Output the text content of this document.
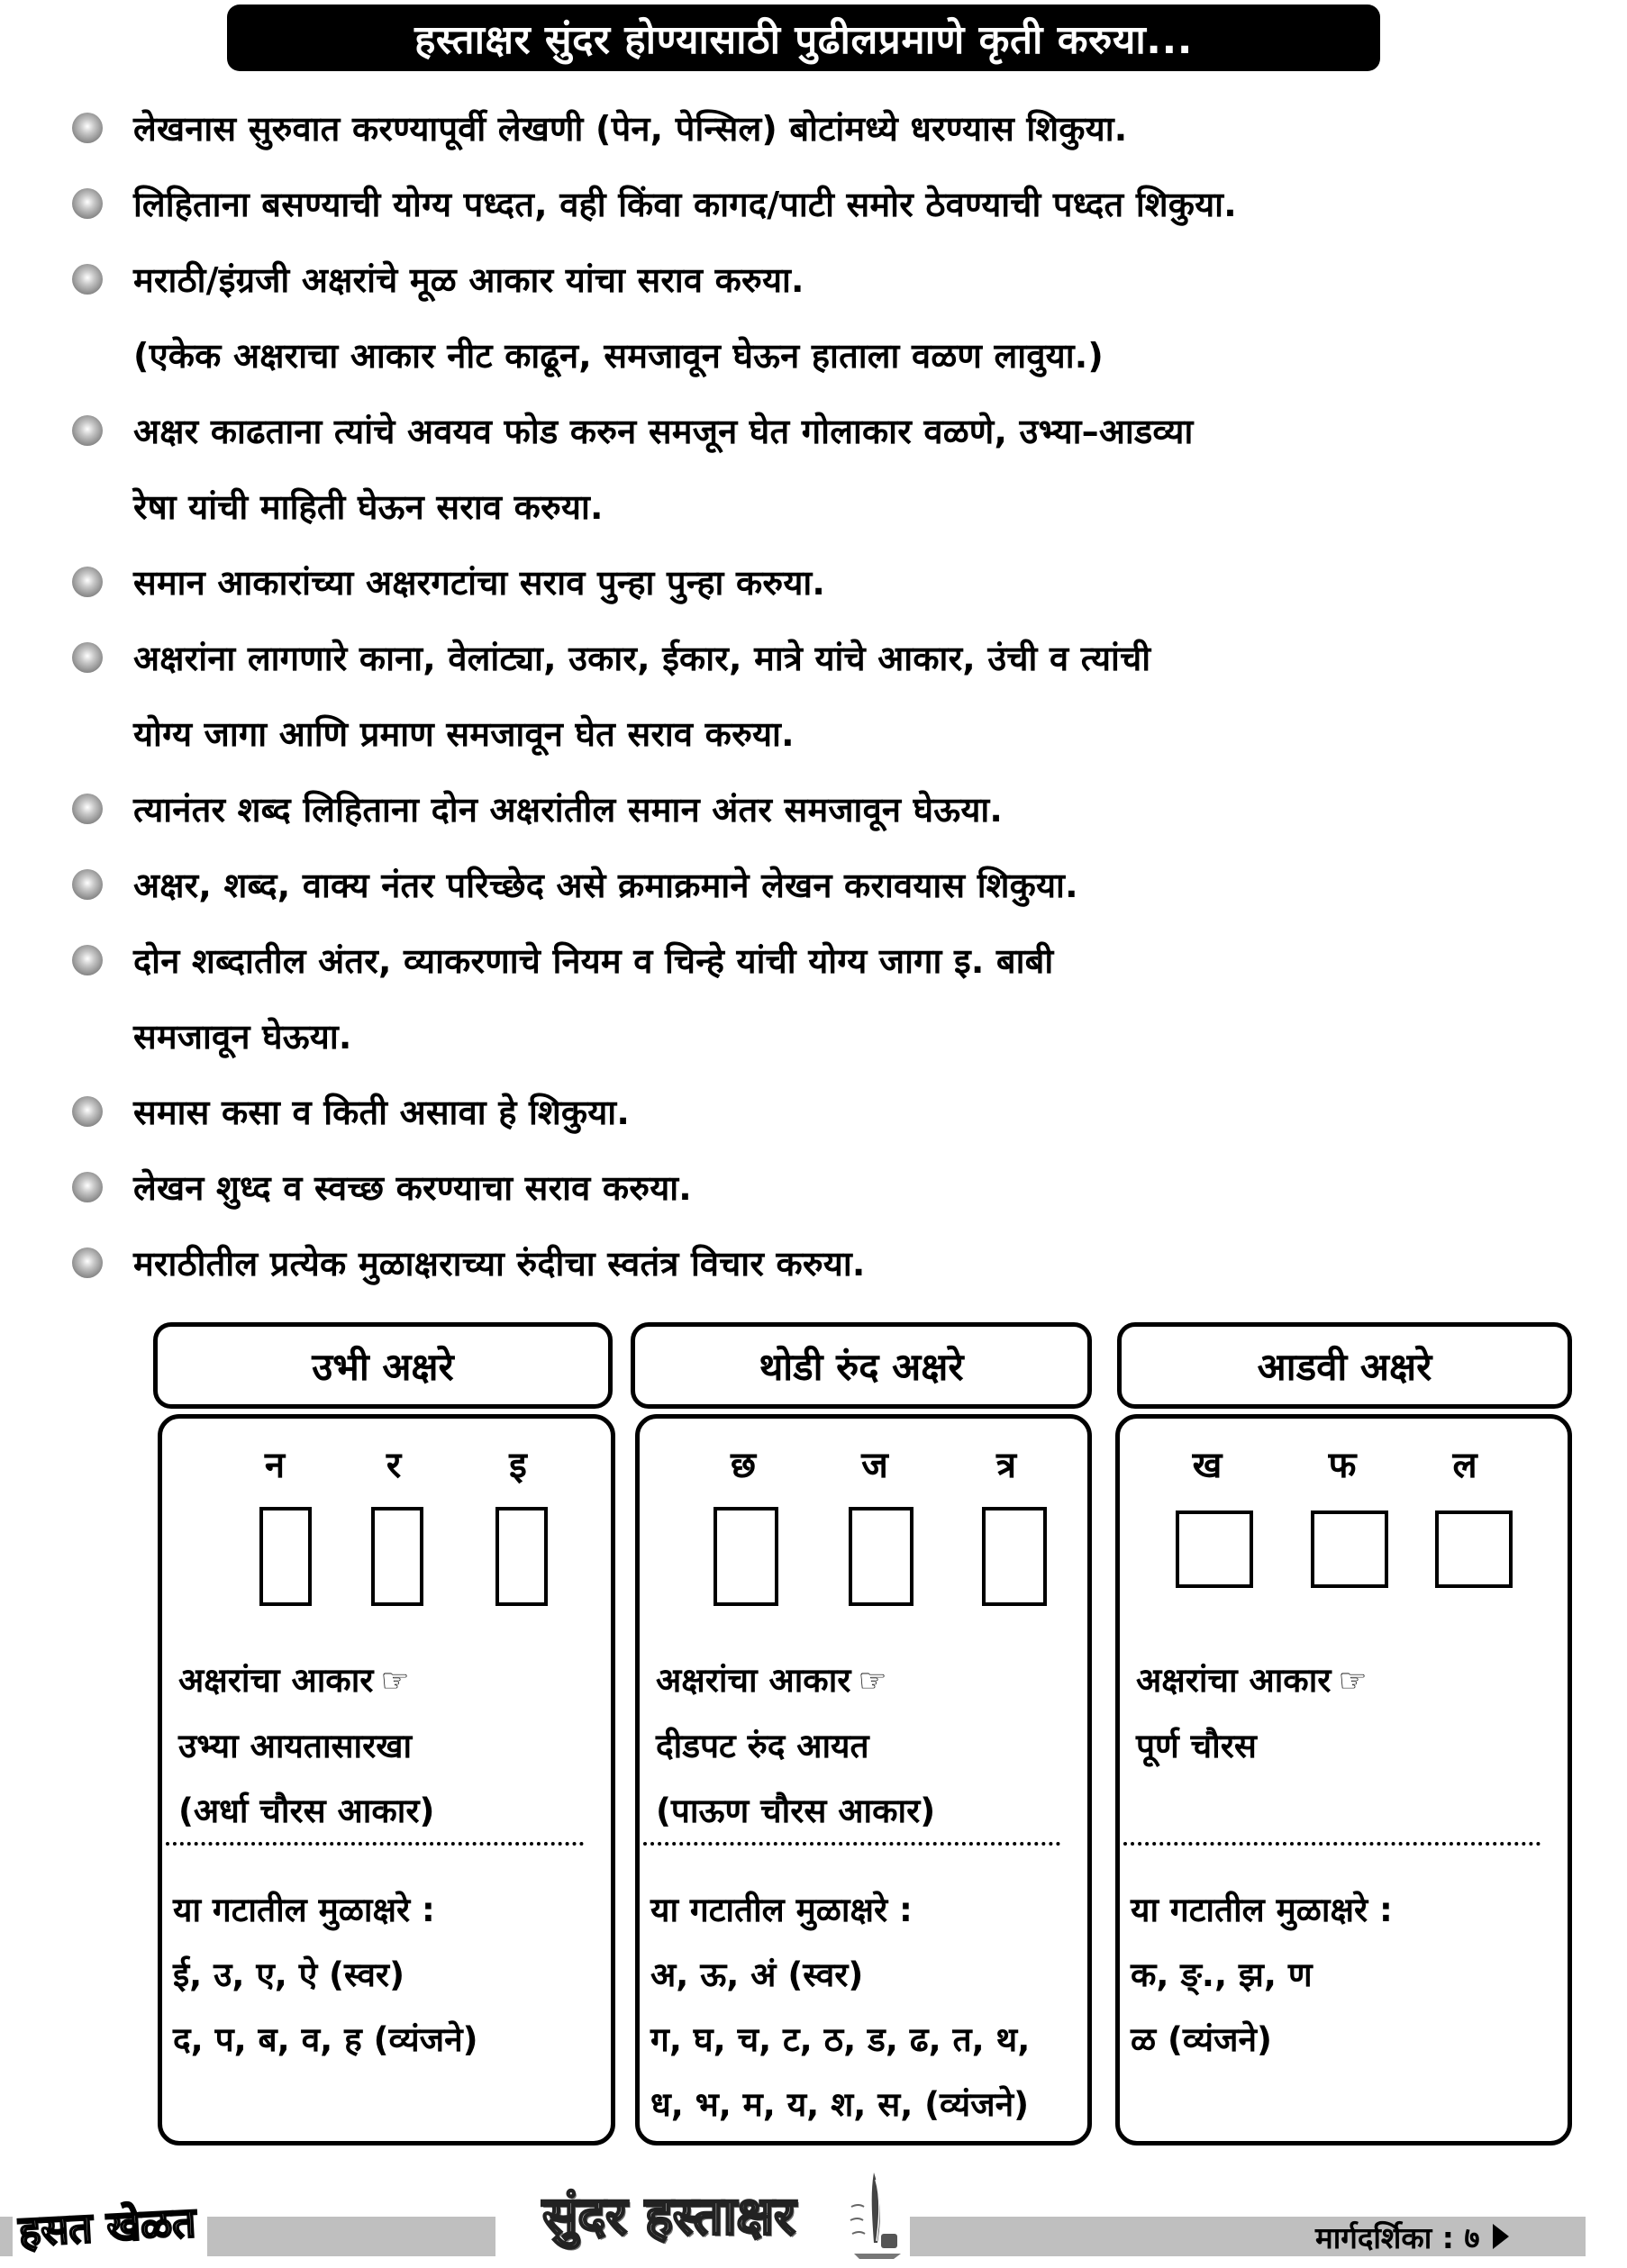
हस्ताक्षर सुंदर होण्यासाठी पुढीलप्रमाणे कृती करुया...
लेखनास सुरुवात करण्यापूर्वी लेखणी (पेन, पेन्सिल) बोटांमध्ये धरण्यास शिकुया.
लिहिताना बसण्याची योग्य पध्दत, वही किंवा कागद/पाटी समोर ठेवण्याची पध्दत शिकुया.
मराठी/इंग्रजी अक्षरांचे मूळ आकार यांचा सराव करुया.
(एकेक अक्षराचा आकार नीट काढून, समजावून घेऊन हाताला वळण लावुया.)
अक्षर काढताना त्यांचे अवयव फोड करुन समजून घेत गोलाकार वळणे, उभ्या–आडव्या
रेषा यांची माहिती घेऊन सराव करुया.
समान आकारांच्या अक्षरगटांचा सराव पुन्हा पुन्हा करुया.
अक्षरांना लागणारे काना, वेलांट्या, उकार, ईकार, मात्रे यांचे आकार, उंची व त्यांची
योग्य जागा आणि प्रमाण समजावून घेत सराव करुया.
त्यानंतर शब्द लिहिताना दोन अक्षरांतील समान अंतर समजावून घेऊया.
अक्षर, शब्द, वाक्य नंतर परिच्छेद असे क्रमाक्रमाने लेखन करावयास शिकुया.
दोन शब्दातील अंतर, व्याकरणाचे नियम व चिन्हे यांची योग्य जागा इ. बाबी
समजावून घेऊया.
समास कसा व किती असावा हे शिकुया.
लेखन शुध्द व स्वच्छ करण्याचा सराव करुया.
मराठीतील प्रत्येक मुळाक्षराच्या रुंदीचा स्वतंत्र विचार करुया.
उभी अक्षरे
न	र	इ
अक्षरांचा आकार ☞
उभ्या आयतासारखा
(अर्धा चौरस आकार)
या गटातील मुळाक्षरे :
ई, उ, ए, ऐ (स्वर)
द, प, ब, व, ह (व्यंजने)
थोडी रुंद अक्षरे
छ	ज	त्र
अक्षरांचा आकार ☞
दीडपट रुंद आयत
(पाऊण चौरस आकार)
या गटातील मुळाक्षरे :
अ, ऊ, अं (स्वर)
ग, घ, च, ट, ठ, ड, ढ, त, थ,
ध, भ, म, य, श, स, (व्यंजने)
आडवी अक्षरे
ख	फ	ल
अक्षरांचा आकार ☞
पूर्ण चौरस
या गटातील मुळाक्षरे :
क, ङ्., झ, ण
ळ (व्यंजने)
हसत खेळत	सुंदर हस्ताक्षर	मार्गदर्शिका : ७
